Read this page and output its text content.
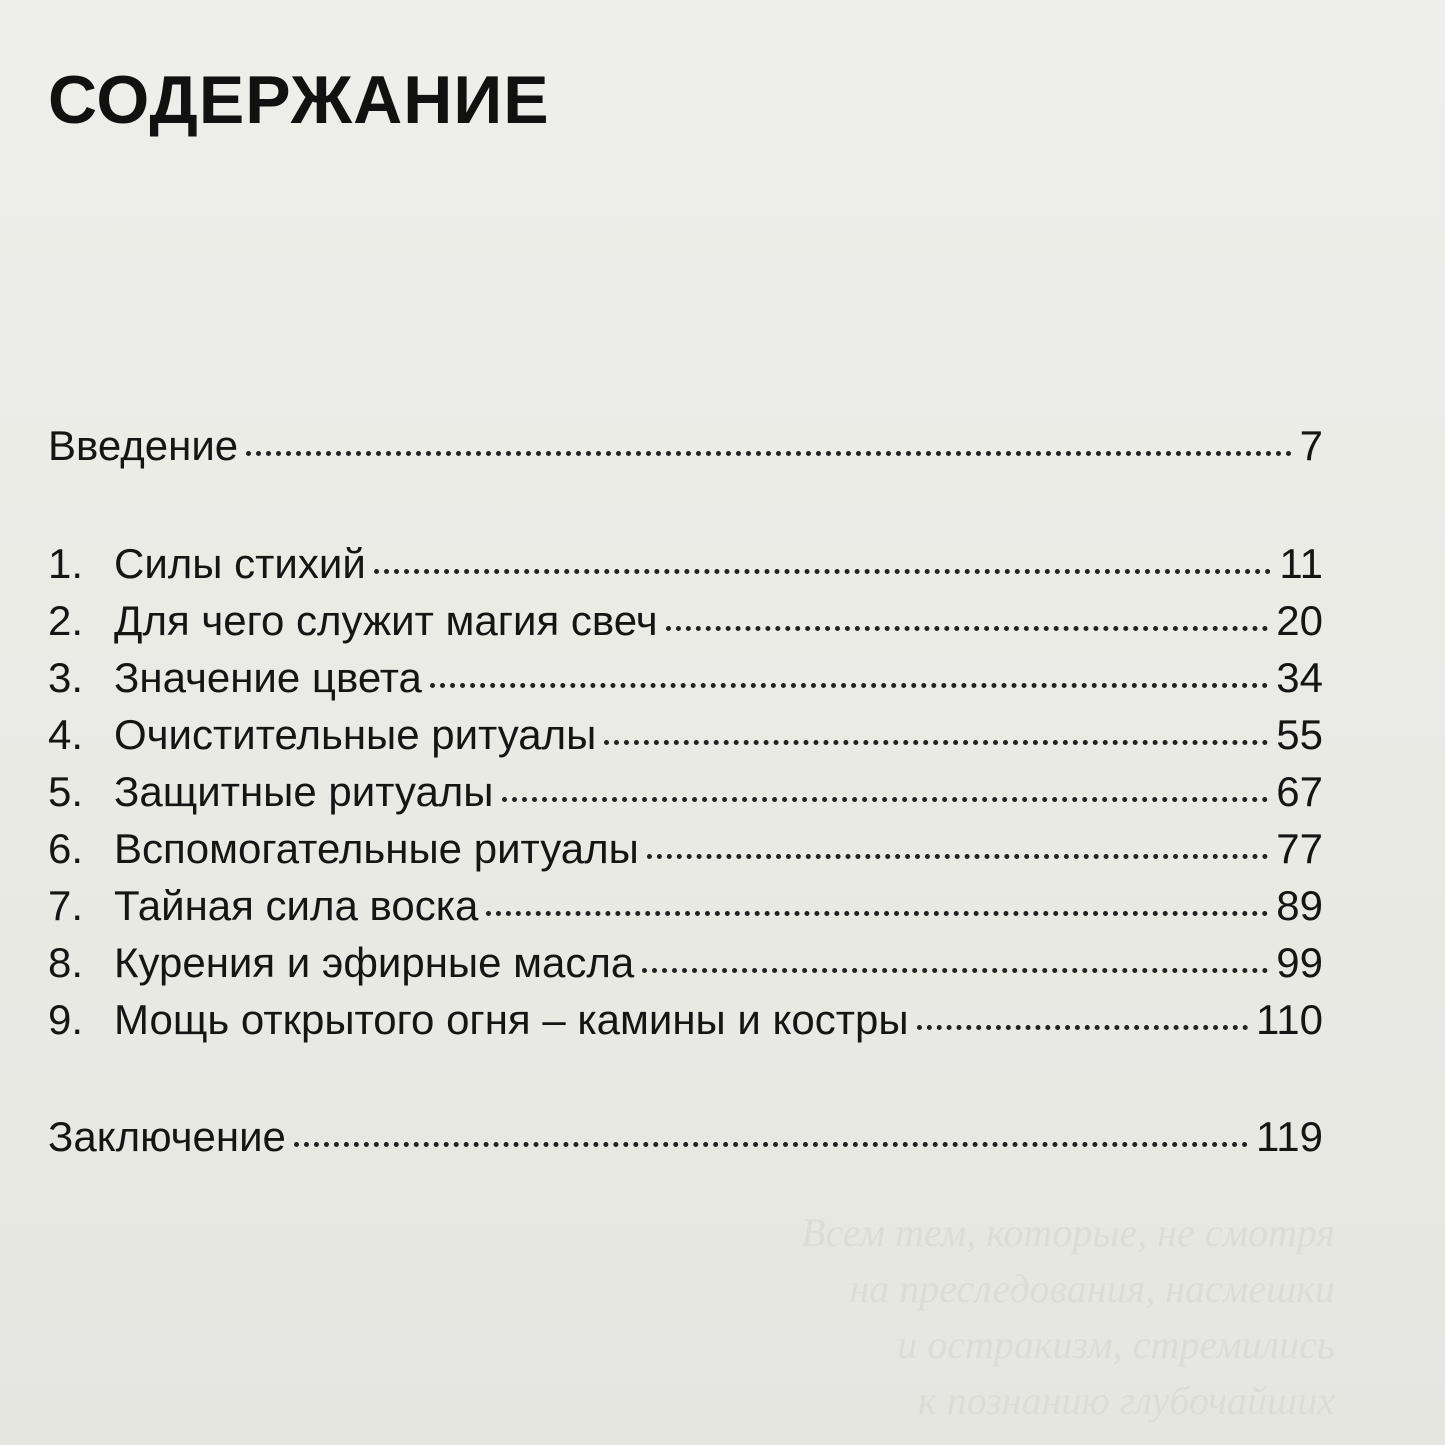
СОДЕРЖАНИЕ
Введение	7
1. Силы стихий	11
2. Для чего служит магия свеч	20
3. Значение цвета	34
4. Очистительные ритуалы	55
5. Защитные ритуалы	67
6. Вспомогательные ритуалы	77
7. Тайная сила воска	89
8. Курения и эфирные масла	99
9. Мощь открытого огня – камины и костры	110
Заключение	119

Всем тем, которые, не смотря
на преследования, насмешки
и остракизм, стремились
к познанию глубочайших
